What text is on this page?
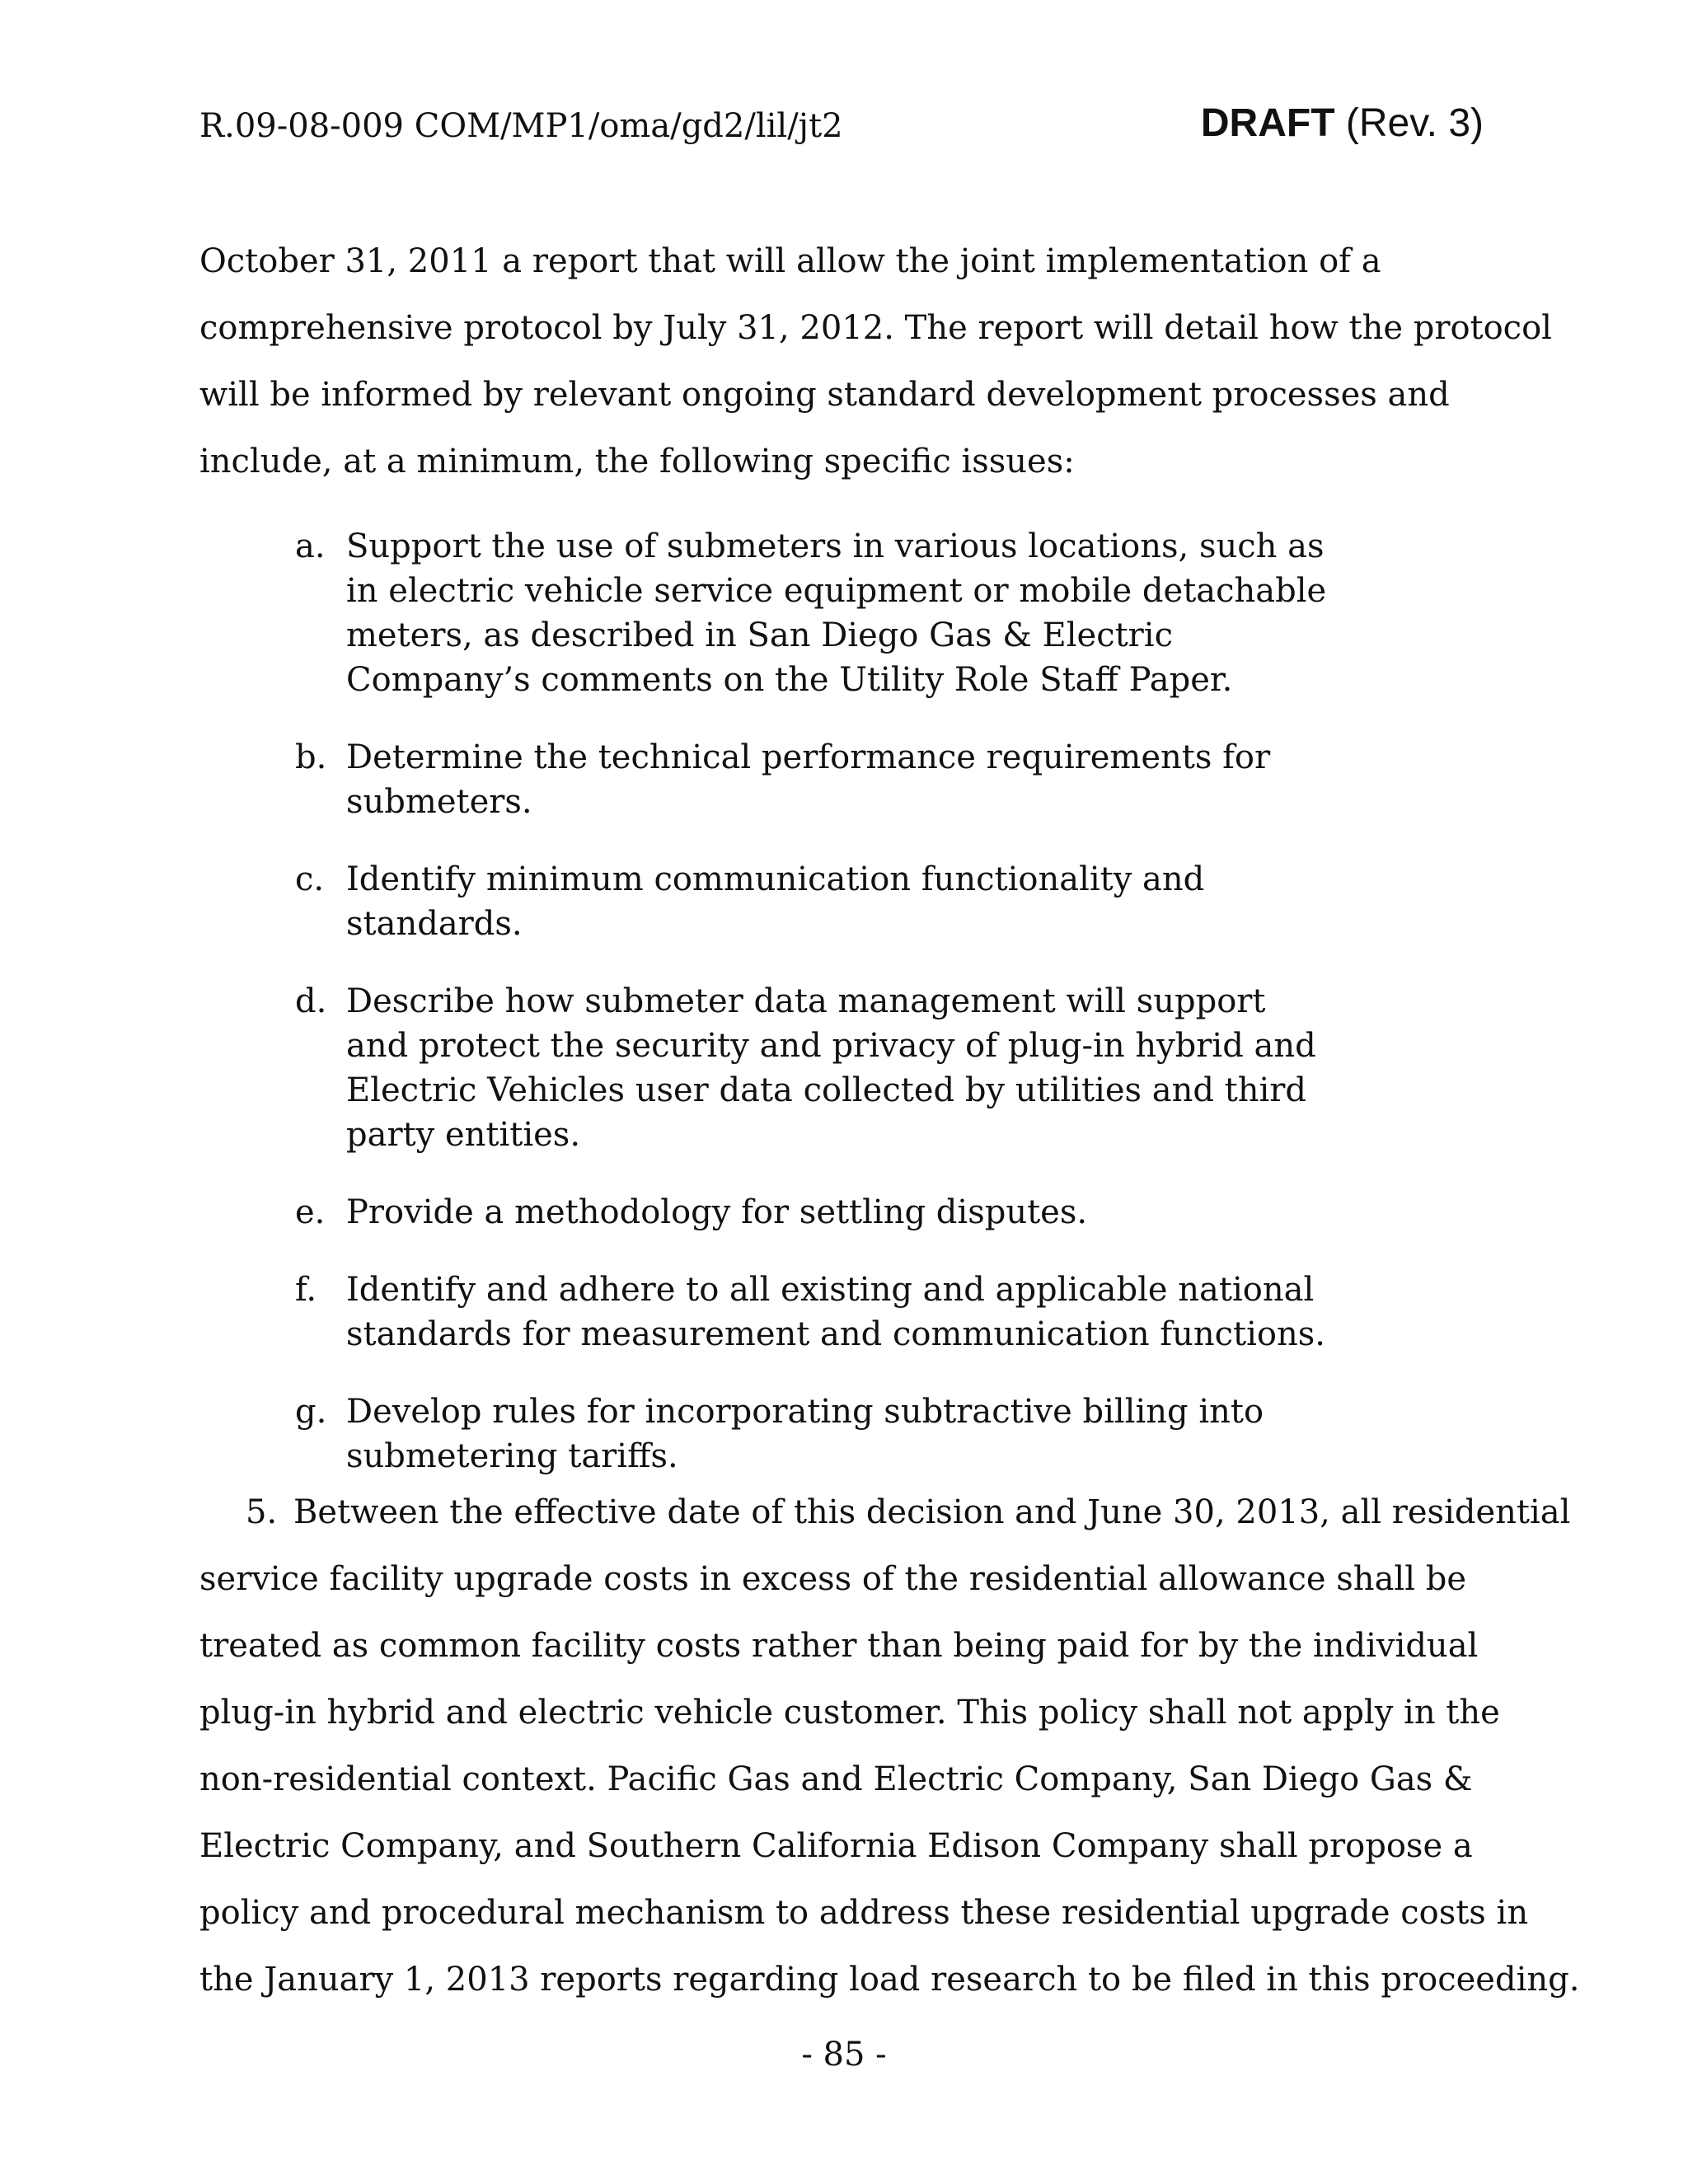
R.09-08-009 COM/MP1/oma/gd2/lil/jt2	DRAFT (Rev. 3)
October 31, 2011 a report that will allow the joint implementation of a
comprehensive protocol by July 31, 2012. The report will detail how the protocol
will be informed by relevant ongoing standard development processes and
include, at a minimum, the following specific issues:
a. Support the use of submeters in various locations, such as
in electric vehicle service equipment or mobile detachable
meters, as described in San Diego Gas & Electric
Company’s comments on the Utility Role Staff Paper.
b. Determine the technical performance requirements for
submeters.
c. Identify minimum communication functionality and
standards.
d. Describe how submeter data management will support
and protect the security and privacy of plug-in hybrid and
Electric Vehicles user data collected by utilities and third
party entities.
e. Provide a methodology for settling disputes.
f. Identify and adhere to all existing and applicable national
standards for measurement and communication functions.
g. Develop rules for incorporating subtractive billing into
submetering tariffs.
5. Between the effective date of this decision and June 30, 2013, all residential
service facility upgrade costs in excess of the residential allowance shall be
treated as common facility costs rather than being paid for by the individual
plug-in hybrid and electric vehicle customer. This policy shall not apply in the
non-residential context. Pacific Gas and Electric Company, San Diego Gas &
Electric Company, and Southern California Edison Company shall propose a
policy and procedural mechanism to address these residential upgrade costs in
the January 1, 2013 reports regarding load research to be filed in this proceeding.
- 85 -
